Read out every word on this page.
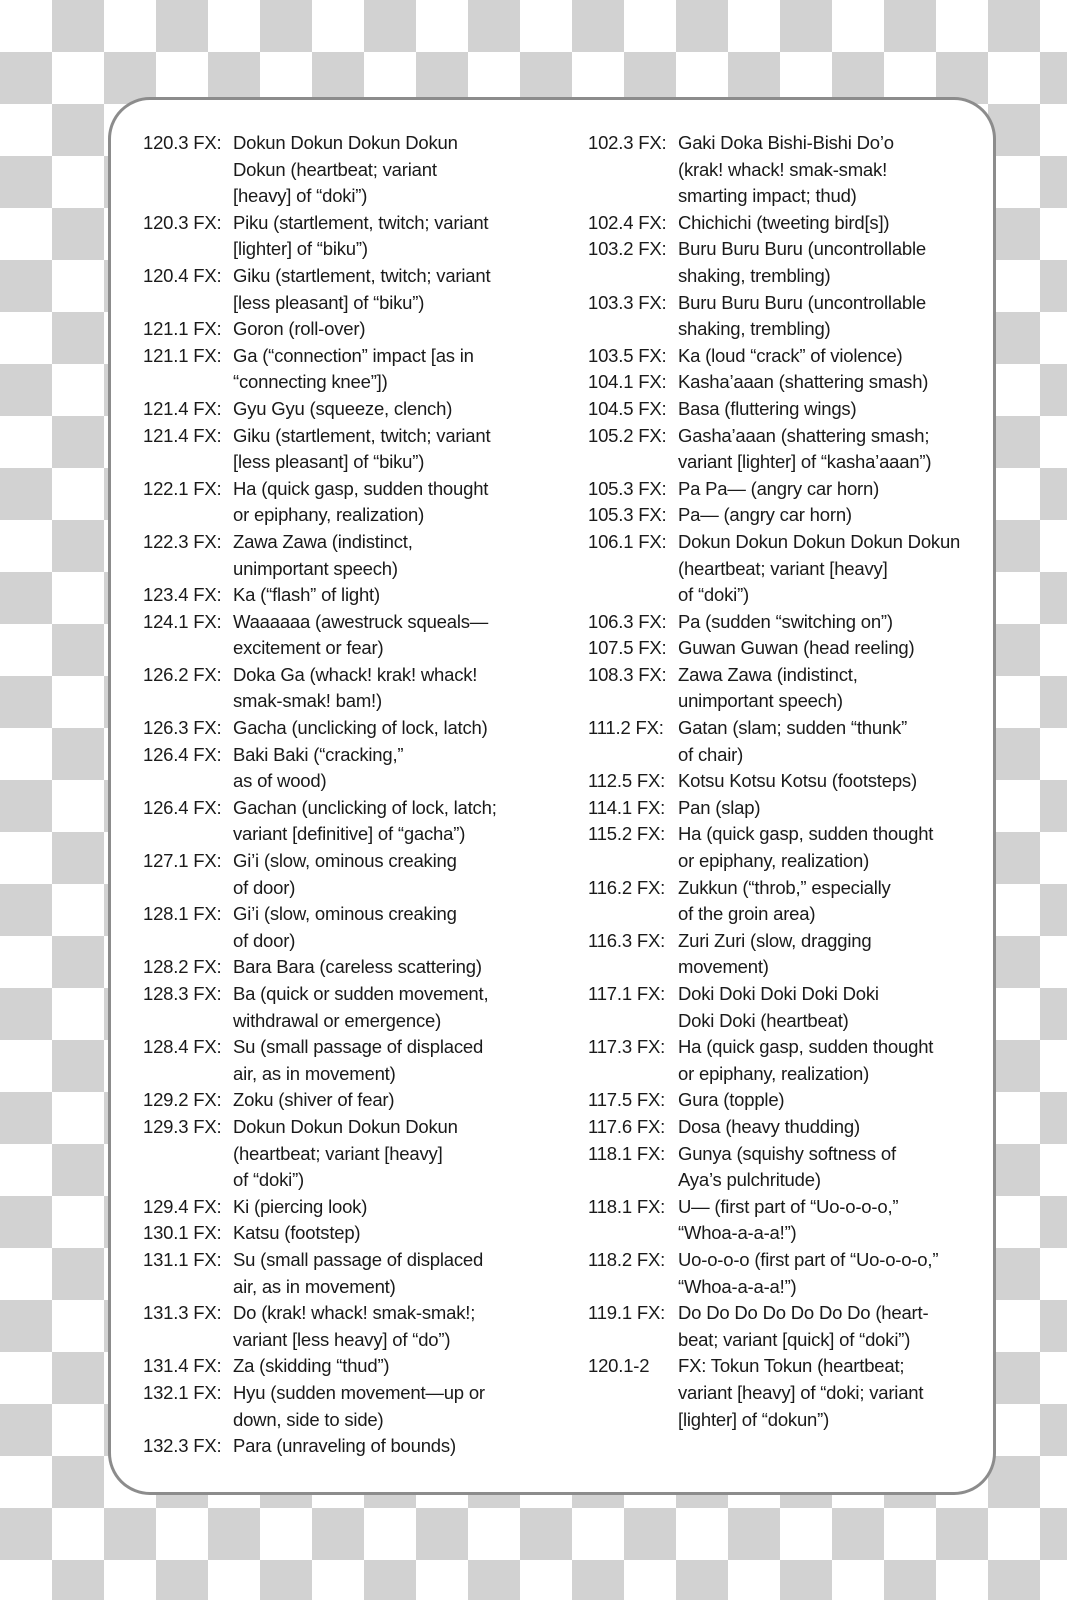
120.3 FX: Dokun Dokun Dokun Dokun
Dokun (heartbeat; variant
[heavy] of “doki”)
120.3 FX: Piku (startlement, twitch; variant
[lighter] of “biku”)
120.4 FX: Giku (startlement, twitch; variant
[less pleasant] of “biku”)
121.1 FX: Goron (roll-over)
121.1 FX: Ga (“connection” impact [as in
“connecting knee”])
121.4 FX: Gyu Gyu (squeeze, clench)
121.4 FX: Giku (startlement, twitch; variant
[less pleasant] of “biku”)
122.1 FX: Ha (quick gasp, sudden thought
or epiphany, realization)
122.3 FX: Zawa Zawa (indistinct,
unimportant speech)
123.4 FX: Ka (“flash” of light)
124.1 FX: Waaaaaa (awestruck squeals—
excitement or fear)
126.2 FX: Doka Ga (whack! krak! whack!
smak-smak! bam!)
126.3 FX: Gacha (unclicking of lock, latch)
126.4 FX: Baki Baki (“cracking,”
as of wood)
126.4 FX: Gachan (unclicking of lock, latch;
variant [definitive] of “gacha”)
127.1 FX: Gi’i (slow, ominous creaking
of door)
128.1 FX: Gi’i (slow, ominous creaking
of door)
128.2 FX: Bara Bara (careless scattering)
128.3 FX: Ba (quick or sudden movement,
withdrawal or emergence)
128.4 FX: Su (small passage of displaced
air, as in movement)
129.2 FX: Zoku (shiver of fear)
129.3 FX: Dokun Dokun Dokun Dokun
(heartbeat; variant [heavy]
of “doki”)
129.4 FX: Ki (piercing look)
130.1 FX: Katsu (footstep)
131.1 FX: Su (small passage of displaced
air, as in movement)
131.3 FX: Do (krak! whack! smak-smak!;
variant [less heavy] of “do”)
131.4 FX: Za (skidding “thud”)
132.1 FX: Hyu (sudden movement—up or
down, side to side)
132.3 FX: Para (unraveling of bounds)
102.3 FX: Gaki Doka Bishi-Bishi Do’o
(krak! whack! smak-smak!
smarting impact; thud)
102.4 FX: Chichichi (tweeting bird[s])
103.2 FX: Buru Buru Buru (uncontrollable
shaking, trembling)
103.3 FX: Buru Buru Buru (uncontrollable
shaking, trembling)
103.5 FX: Ka (loud “crack” of violence)
104.1 FX: Kasha’aaan (shattering smash)
104.5 FX: Basa (fluttering wings)
105.2 FX: Gasha’aaan (shattering smash;
variant [lighter] of “kasha’aaan”)
105.3 FX: Pa Pa— (angry car horn)
105.3 FX: Pa— (angry car horn)
106.1 FX: Dokun Dokun Dokun Dokun Dokun
(heartbeat; variant [heavy]
of “doki”)
106.3 FX: Pa (sudden “switching on”)
107.5 FX: Guwan Guwan (head reeling)
108.3 FX: Zawa Zawa (indistinct,
unimportant speech)
111.2 FX: Gatan (slam; sudden “thunk”
of chair)
112.5 FX: Kotsu Kotsu Kotsu (footsteps)
114.1 FX: Pan (slap)
115.2 FX: Ha (quick gasp, sudden thought
or epiphany, realization)
116.2 FX: Zukkun (“throb,” especially
of the groin area)
116.3 FX: Zuri Zuri (slow, dragging
movement)
117.1 FX: Doki Doki Doki Doki Doki
Doki Doki (heartbeat)
117.3 FX: Ha (quick gasp, sudden thought
or epiphany, realization)
117.5 FX: Gura (topple)
117.6 FX: Dosa (heavy thudding)
118.1 FX: Gunya (squishy softness of
Aya’s pulchritude)
118.1 FX: U— (first part of “Uo-o-o-o,”
“Whoa-a-a-a!”)
118.2 FX: Uo-o-o-o (first part of “Uo-o-o-o,”
“Whoa-a-a-a!”)
119.1 FX: Do Do Do Do Do Do Do (heart-
beat; variant [quick] of “doki”)
120.1-2	FX: Tokun Tokun (heartbeat;
variant [heavy] of “doki; variant
[lighter] of “dokun”)
